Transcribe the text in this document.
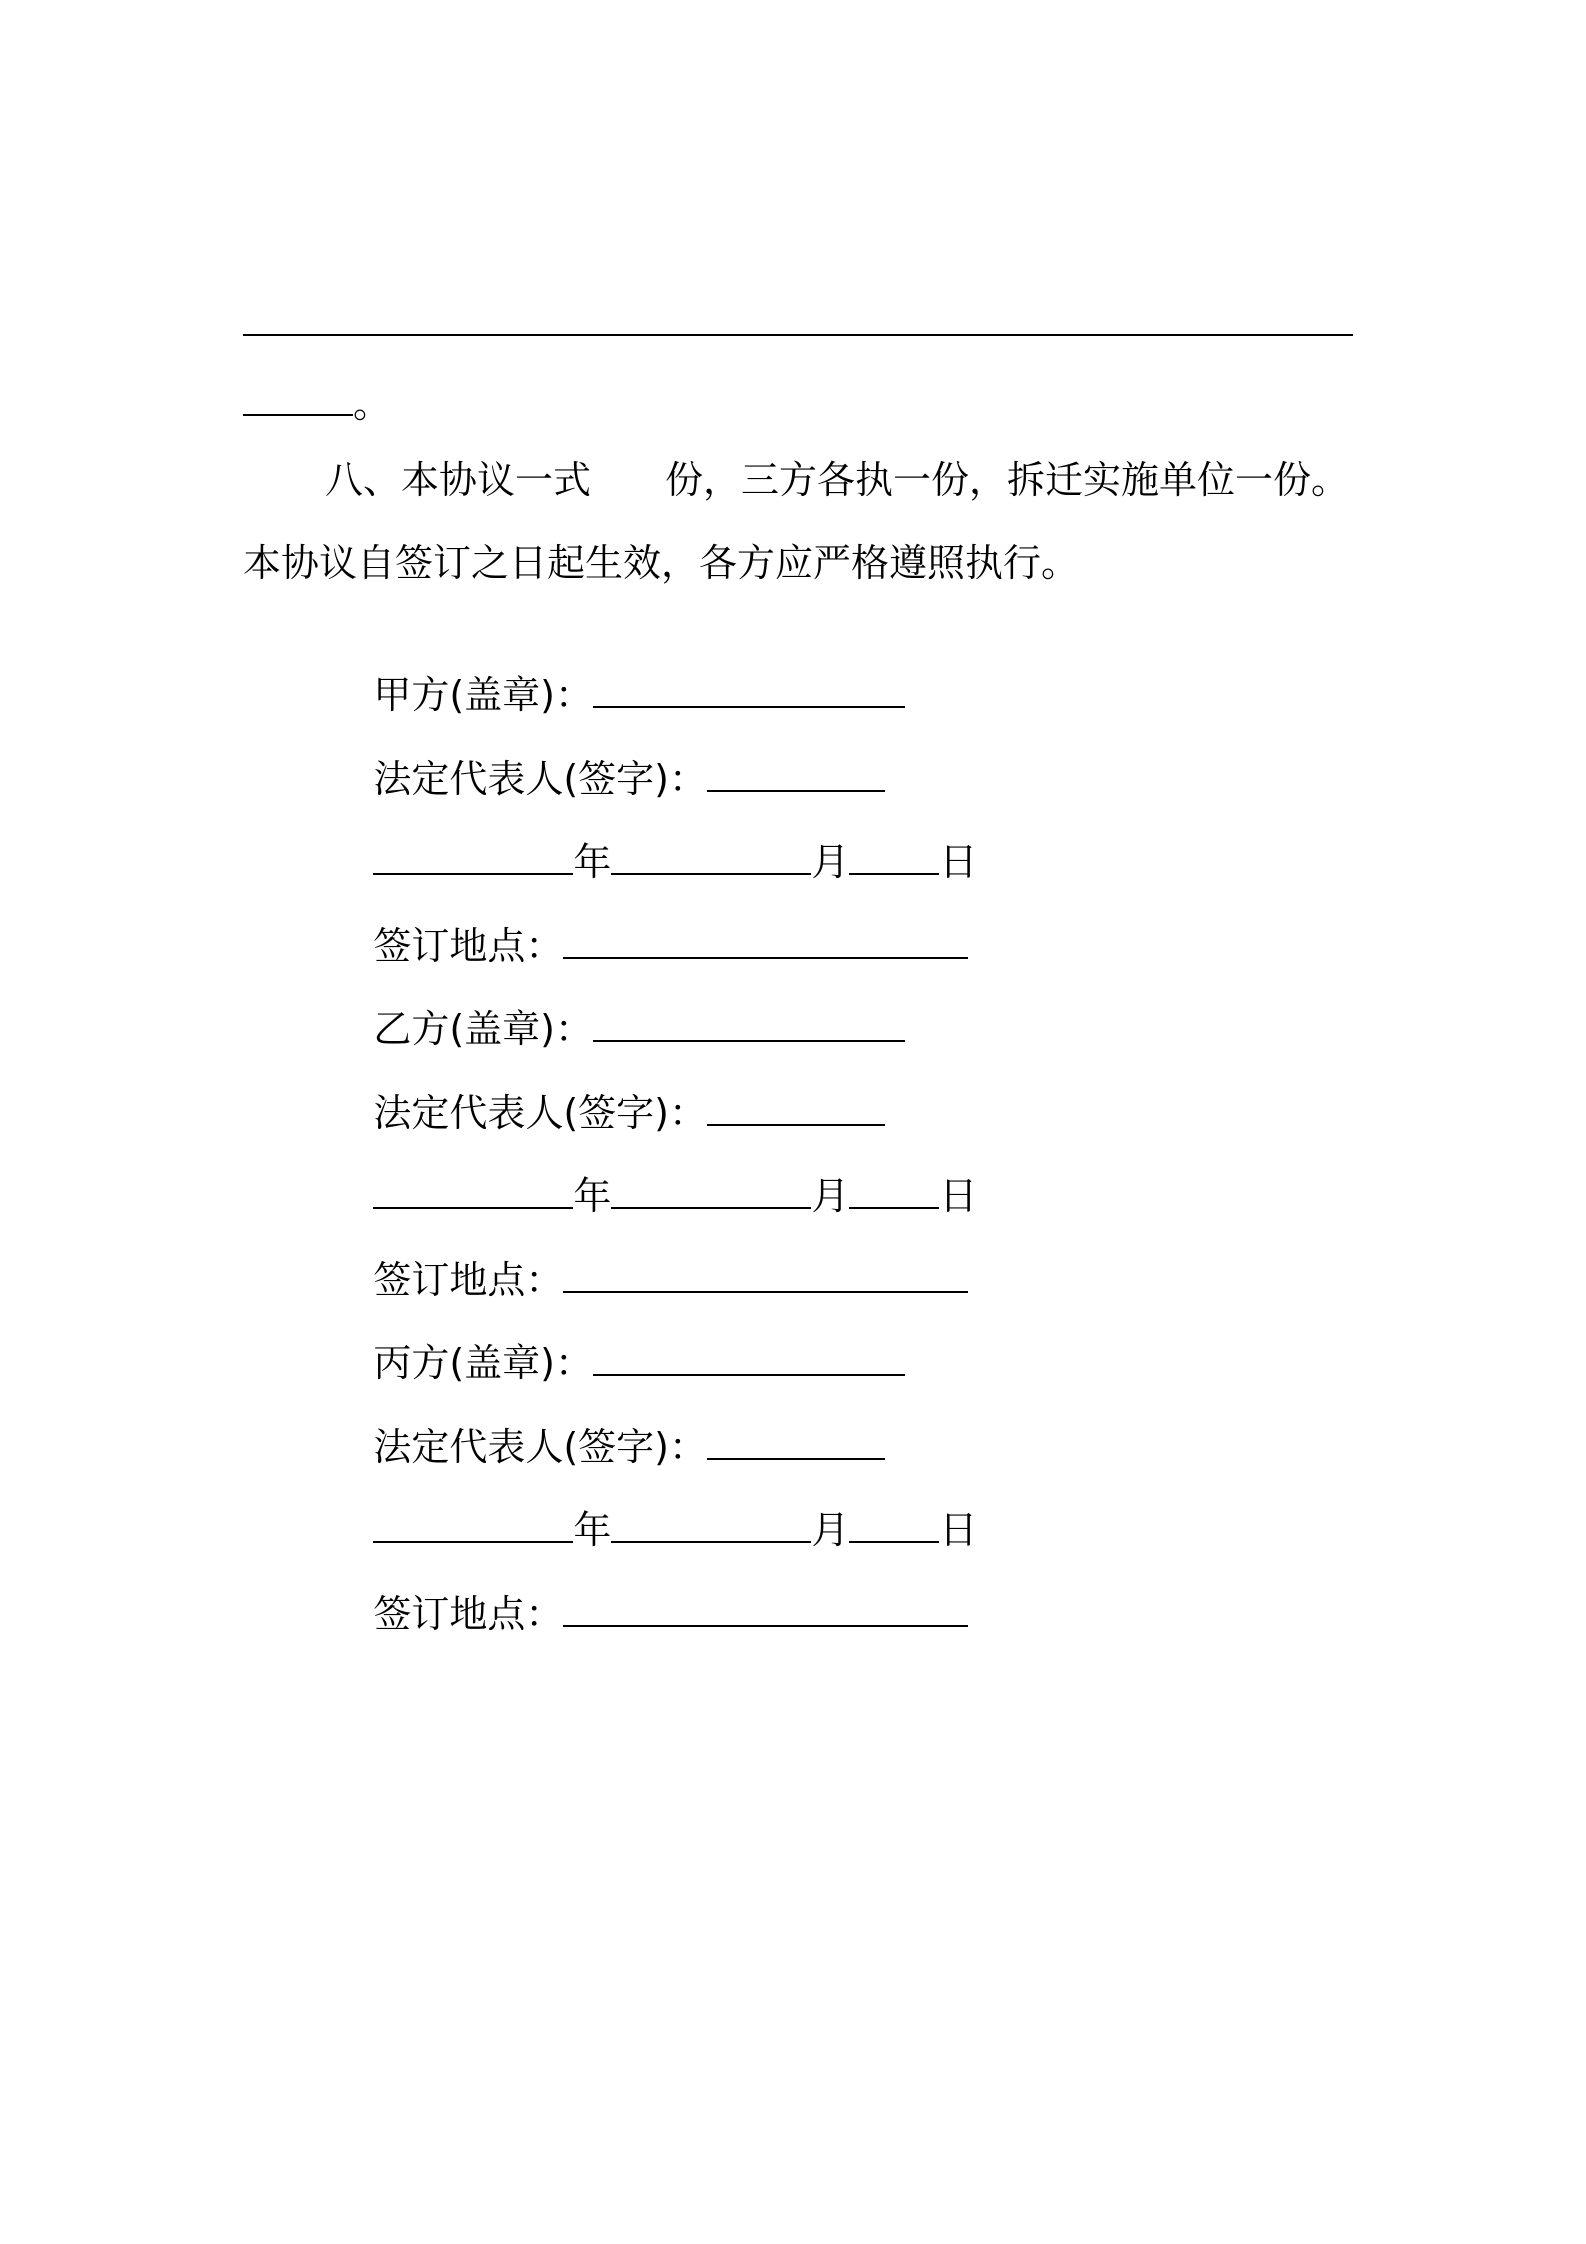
。
八、本协议一式 份，三方各执一份，拆迁实施单位一份。
本协议自签订之日起生效，各方应严格遵照执行。

甲方(盖章)：

法定代表人(签字)：

年	月 日

签订地点：

乙方(盖章)：

法定代表人(签字)：

年	月 日

签订地点：

丙方(盖章)：

法定代表人(签字)：

年	月 日

签订地点：
